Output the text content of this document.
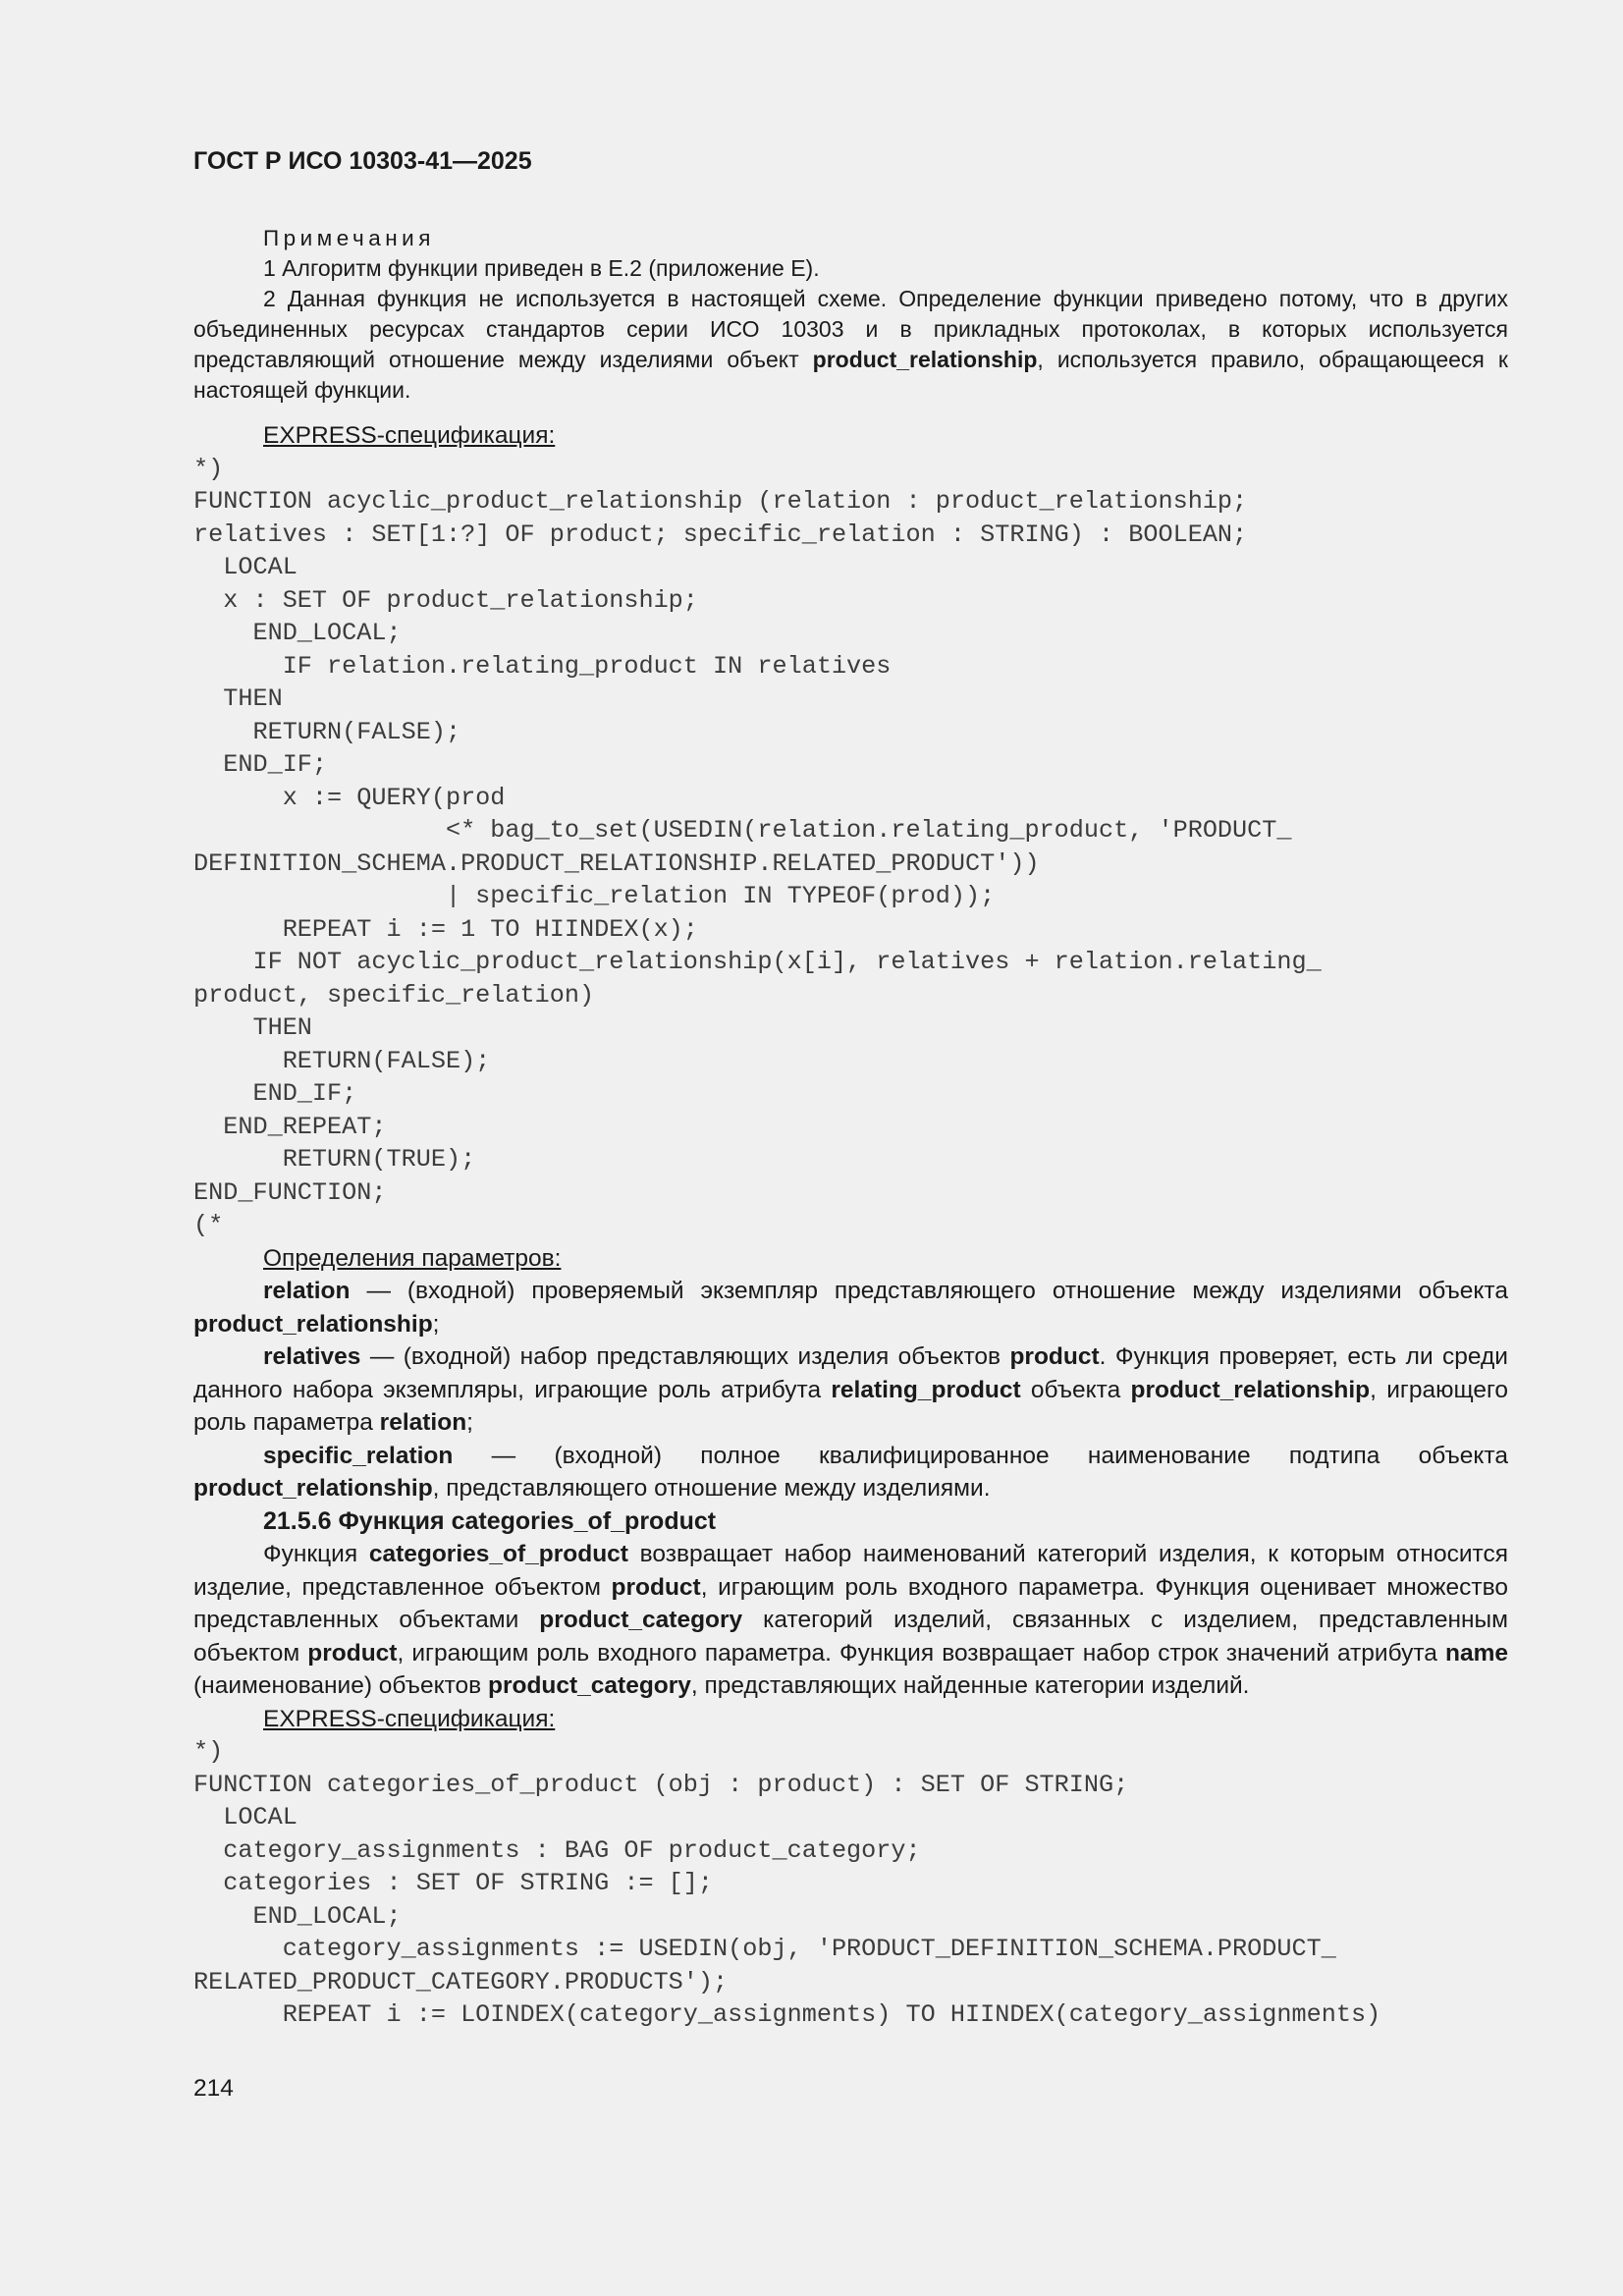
ГОСТ Р ИСО 10303-41—2025
Примечания

1 Алгоритм функции приведен в Е.2 (приложение Е).

2 Данная функция не используется в настоящей схеме. Определение функции приведено потому, что в других объединенных ресурсах стандартов серии ИСО 10303 и в прикладных протоколах, в которых используется представляющий отношение между изделиями объект product_relationship, используется правило, обращающееся к настоящей функции.

EXPRESS-спецификация:

*)
FUNCTION acyclic_product_relationship (relation : product_relationship;
relatives : SET[1:?] OF product; specific_relation : STRING) : BOOLEAN;
LOCAL
x : SET OF product_relationship;
END_LOCAL;
IF relation.relating_product IN relatives
THEN
RETURN(FALSE);
END_IF;
x := QUERY(prod
<* bag_to_set(USEDIN(relation.relating_product, 'PRODUCT_
DEFINITION_SCHEMA.PRODUCT_RELATIONSHIP.RELATED_PRODUCT'))
| specific_relation IN TYPEOF(prod));
REPEAT i := 1 TO HIINDEX(x);
IF NOT acyclic_product_relationship(x[i], relatives + relation.relating_
product, specific_relation)
THEN
RETURN(FALSE);
END_IF;
END_REPEAT;
RETURN(TRUE);
END_FUNCTION;
(*

Определения параметров:

relation — (входной) проверяемый экземпляр представляющего отношение между изделиями объекта product_relationship;

relatives — (входной) набор представляющих изделия объектов product. Функция проверяет, есть ли среди данного набора экземпляры, играющие роль атрибута relating_product объекта product_relationship, играющего роль параметра relation;

specific_relation — (входной) полное квалифицированное наименование подтипа объекта product_relationship, представляющего отношение между изделиями.

21.5.6 Функция categories_of_product

Функция categories_of_product возвращает набор наименований категорий изделия, к которым относится изделие, представленное объектом product, играющим роль входного параметра. Функция оценивает множество представленных объектами product_category категорий изделий, связанных с изделием, представленным объектом product, играющим роль входного параметра. Функция возвращает набор строк значений атрибута name (наименование) объектов product_category, представляющих найденные категории изделий.

EXPRESS-спецификация:

*)
FUNCTION categories_of_product (obj : product) : SET OF STRING;
LOCAL
category_assignments : BAG OF product_category;
categories : SET OF STRING := [];
END_LOCAL;
category_assignments := USEDIN(obj, 'PRODUCT_DEFINITION_SCHEMA.PRODUCT_
RELATED_PRODUCT_CATEGORY.PRODUCTS');
REPEAT i := LOINDEX(category_assignments) TO HIINDEX(category_assignments)
214
